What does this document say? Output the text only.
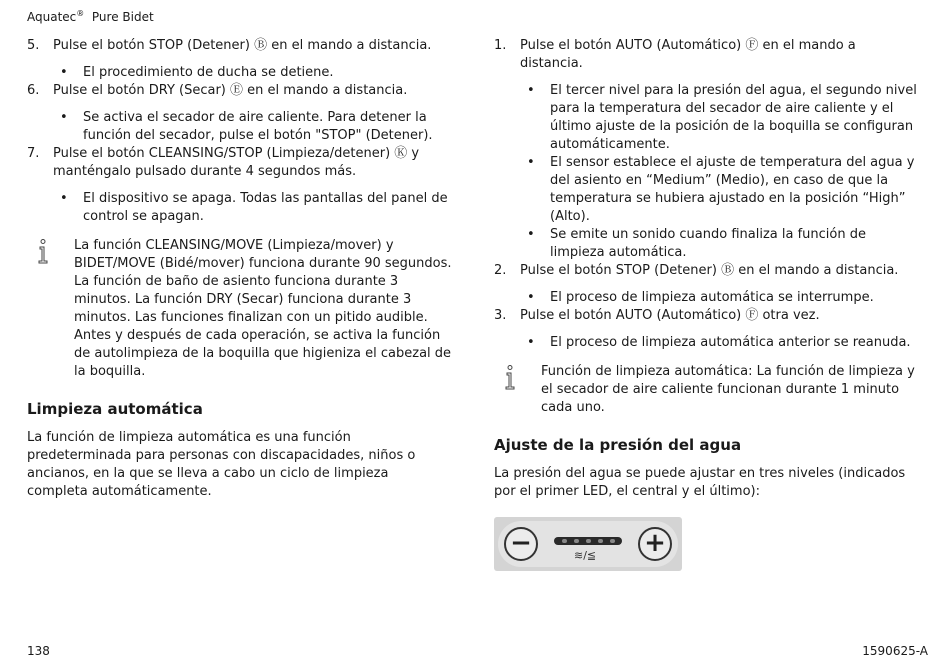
Aquatec® Pure Bidet
5. Pulse el botón STOP (Detener) Ⓑ en el mando a distancia.
• El procedimiento de ducha se detiene.
6. Pulse el botón DRY (Secar) Ⓔ en el mando a distancia.
• Se activa el secador de aire caliente. Para detener la función del secador, pulse el botón "STOP" (Detener).
7. Pulse el botón CLEANSING/STOP (Limpieza/detener) Ⓚ y manténgalo pulsado durante 4 segundos más.
• El dispositivo se apaga. Todas las pantallas del panel de control se apagan.
La función CLEANSING/MOVE (Limpieza/mover) y BIDET/MOVE (Bidé/mover) funciona durante 90 segundos. La función de baño de asiento funciona durante 3 minutos. La función DRY (Secar) funciona durante 3 minutos. Las funciones finalizan con un pitido audible. Antes y después de cada operación, se activa la función de autolimpieza de la boquilla que higieniza el cabezal de la boquilla.
Limpieza automática

La función de limpieza automática es una función predeterminada para personas con discapacidades, niños o ancianos, en la que se lleva a cabo un ciclo de limpieza completa automáticamente.

1. Pulse el botón AUTO (Automático) Ⓕ en el mando a distancia.
• El tercer nivel para la presión del agua, el segundo nivel para la temperatura del secador de aire caliente y el último ajuste de la posición de la boquilla se configuran automáticamente.
• El sensor establece el ajuste de temperatura del agua y del asiento en “Medium” (Medio), en caso de que la temperatura se hubiera ajustado en la posición “High” (Alto).
• Se emite un sonido cuando finaliza la función de limpieza automática.
2. Pulse el botón STOP (Detener) Ⓑ en el mando a distancia.
• El proceso de limpieza automática se interrumpe.
3. Pulse el botón AUTO (Automático) Ⓕ otra vez.
• El proceso de limpieza automática anterior se reanuda.
Función de limpieza automática: La función de limpieza y el secador de aire caliente funcionan durante 1 minuto cada uno.
Ajuste de la presión del agua

La presión del agua se puede ajustar en tres niveles (indicados por el primer LED, el central y el último):

−	≋/≦ +
138	1590625-A
